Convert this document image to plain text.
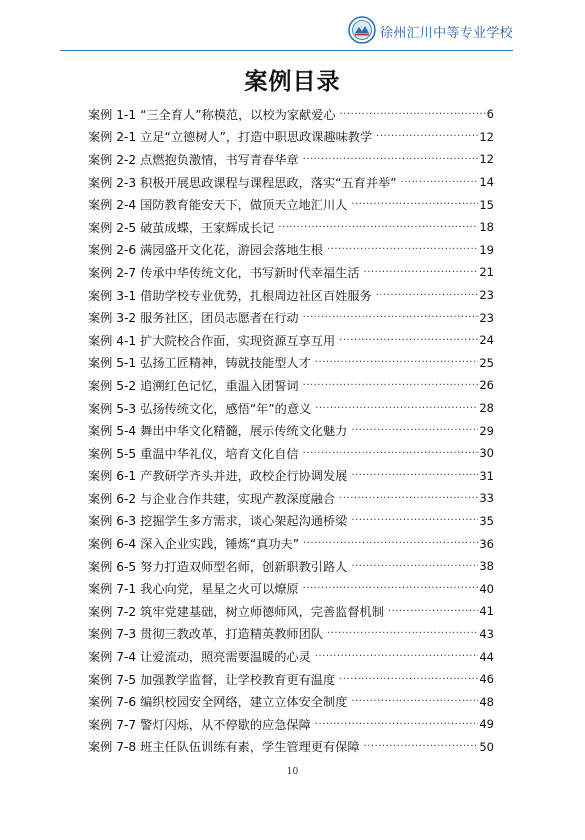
徐州汇川中等专业学校
案例目录
案例 1-1 “三全育人”称模范，以校为家献爱心 ·····	6
案例 2-1 立足“立德树人”，打造中职思政课趣味教学 ·····	12
案例 2-2 点燃抱负激情，书写青春华章 ·····	12
案例 2-3 积极开展思政课程与课程思政，落实“五育并举” ·····	14
案例 2-4 国防教育能安天下，做顶天立地汇川人 ·····	15
案例 2-5 破茧成蝶，王家辉成长记 ·····	18
案例 2-6 满园盛开文化花，游园会落地生根 ·····	19
案例 2-7 传承中华传统文化，书写新时代幸福生活 ·····	21
案例 3-1 借助学校专业优势，扎根周边社区百姓服务 ·····	23
案例 3-2 服务社区，团员志愿者在行动 ·····	23
案例 4-1 扩大院校合作面，实现资源互享互用 ·····	24
案例 5-1 弘扬工匠精神，铸就技能型人才 ·····	25
案例 5-2 追溯红色记忆，重温入团誓词 ·····	26
案例 5-3 弘扬传统文化，感悟“年”的意义 ·····	28
案例 5-4 舞出中华文化精髓，展示传统文化魅力 ·····	29
案例 5-5 重温中华礼仪，培育文化自信 ·····	30
案例 6-1 产教研学齐头并进，政校企行协调发展 ·····	31
案例 6-2 与企业合作共建，实现产教深度融合 ·····	33
案例 6-3 挖掘学生多方需求，谈心架起沟通桥梁 ·····	35
案例 6-4 深入企业实践，锤炼“真功夫” ·····	36
案例 6-5 努力打造双师型名师，创新职教引路人 ·····	38
案例 7-1 我心向党，星星之火可以燎原 ·····	40
案例 7-2 筑牢党建基础，树立师德师风，完善监督机制 ·····	41
案例 7-3 贯彻三教改革，打造精英教师团队 ·····	43
案例 7-4 让爱流动，照亮需要温暖的心灵 ·····	44
案例 7-5 加强教学监督，让学校教育更有温度 ·····	46
案例 7-6 编织校园安全网络，建立立体安全制度 ·····	48
案例 7-7 警灯闪烁，从不停歇的应急保障 ·····	49
案例 7-8 班主任队伍训练有素，学生管理更有保障 ·····	50
10
